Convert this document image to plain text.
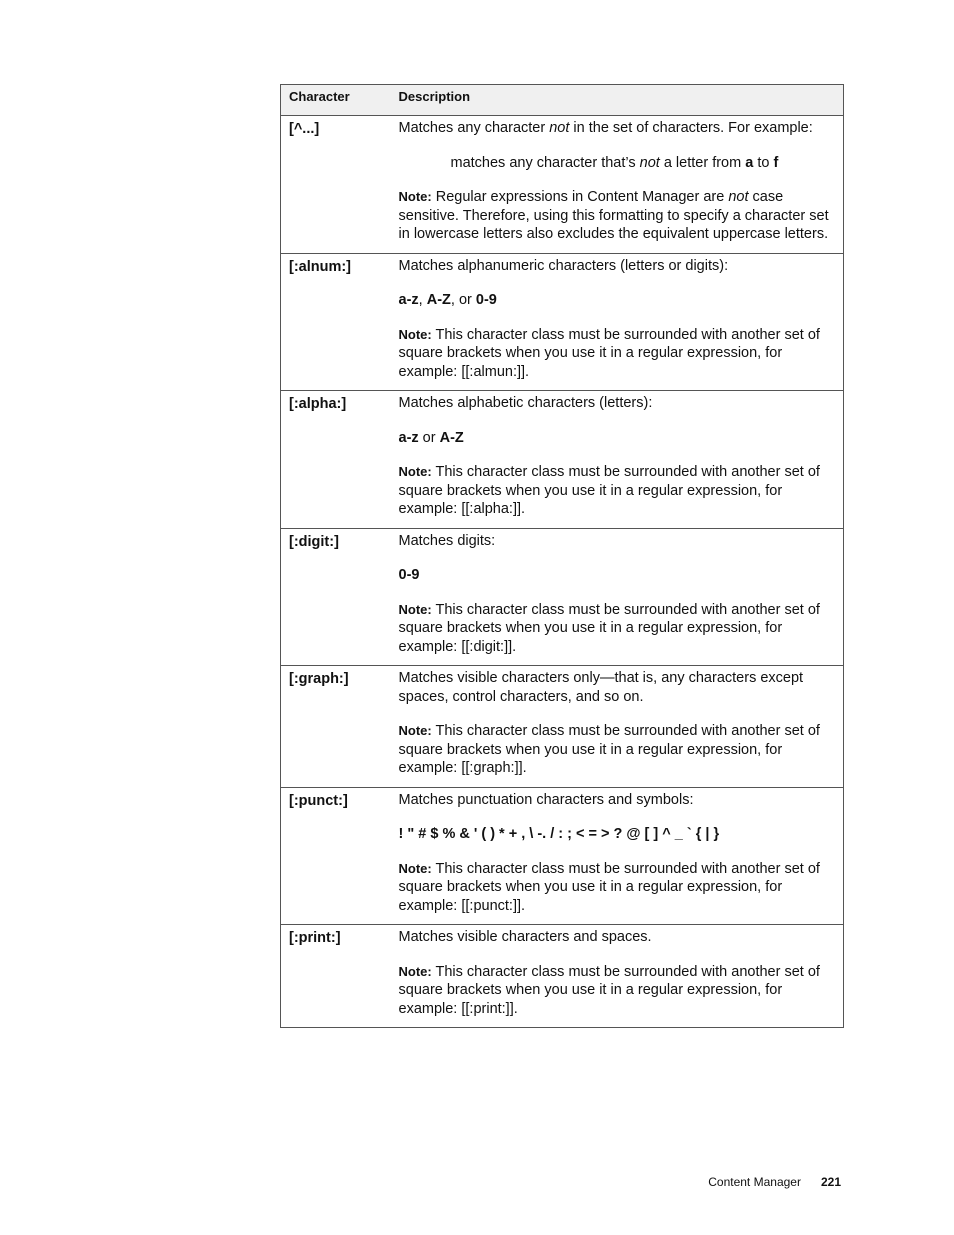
Character	Description
[^...]	Matches any character not in the set of characters. For example:

matches any character that’s not a letter from a to f

Note: Regular expressions in Content Manager are not case sensitive. Therefore, using this formatting to specify a character set in lowercase letters also excludes the equivalent uppercase letters.

[:alnum:]	Matches alphanumeric characters (letters or digits):

a-z, A-Z, or 0-9

Note: This character class must be surrounded with another set of square brackets when you use it in a regular expression, for example: [[:almun:]].

[:alpha:]	Matches alphabetic characters (letters):

a-z or A-Z

Note: This character class must be surrounded with another set of square brackets when you use it in a regular expression, for example: [[:alpha:]].

[:digit:]	Matches digits:

0-9

Note: This character class must be surrounded with another set of square brackets when you use it in a regular expression, for example: [[:digit:]].

[:graph:]	Matches visible characters only—that is, any characters except spaces, control characters, and so on.

Note: This character class must be surrounded with another set of square brackets when you use it in a regular expression, for example: [[:graph:]].

[:punct:]	Matches punctuation characters and symbols:

! " # $ % & ' ( ) * + , \ -. / : ; < = > ? @ [ ] ^ _ ` { | }

Note: This character class must be surrounded with another set of square brackets when you use it in a regular expression, for example: [[:punct:]].

[:print:]	Matches visible characters and spaces.

Note: This character class must be surrounded with another set of square brackets when you use it in a regular expression, for example: [[:print:]].

Content Manager 221
